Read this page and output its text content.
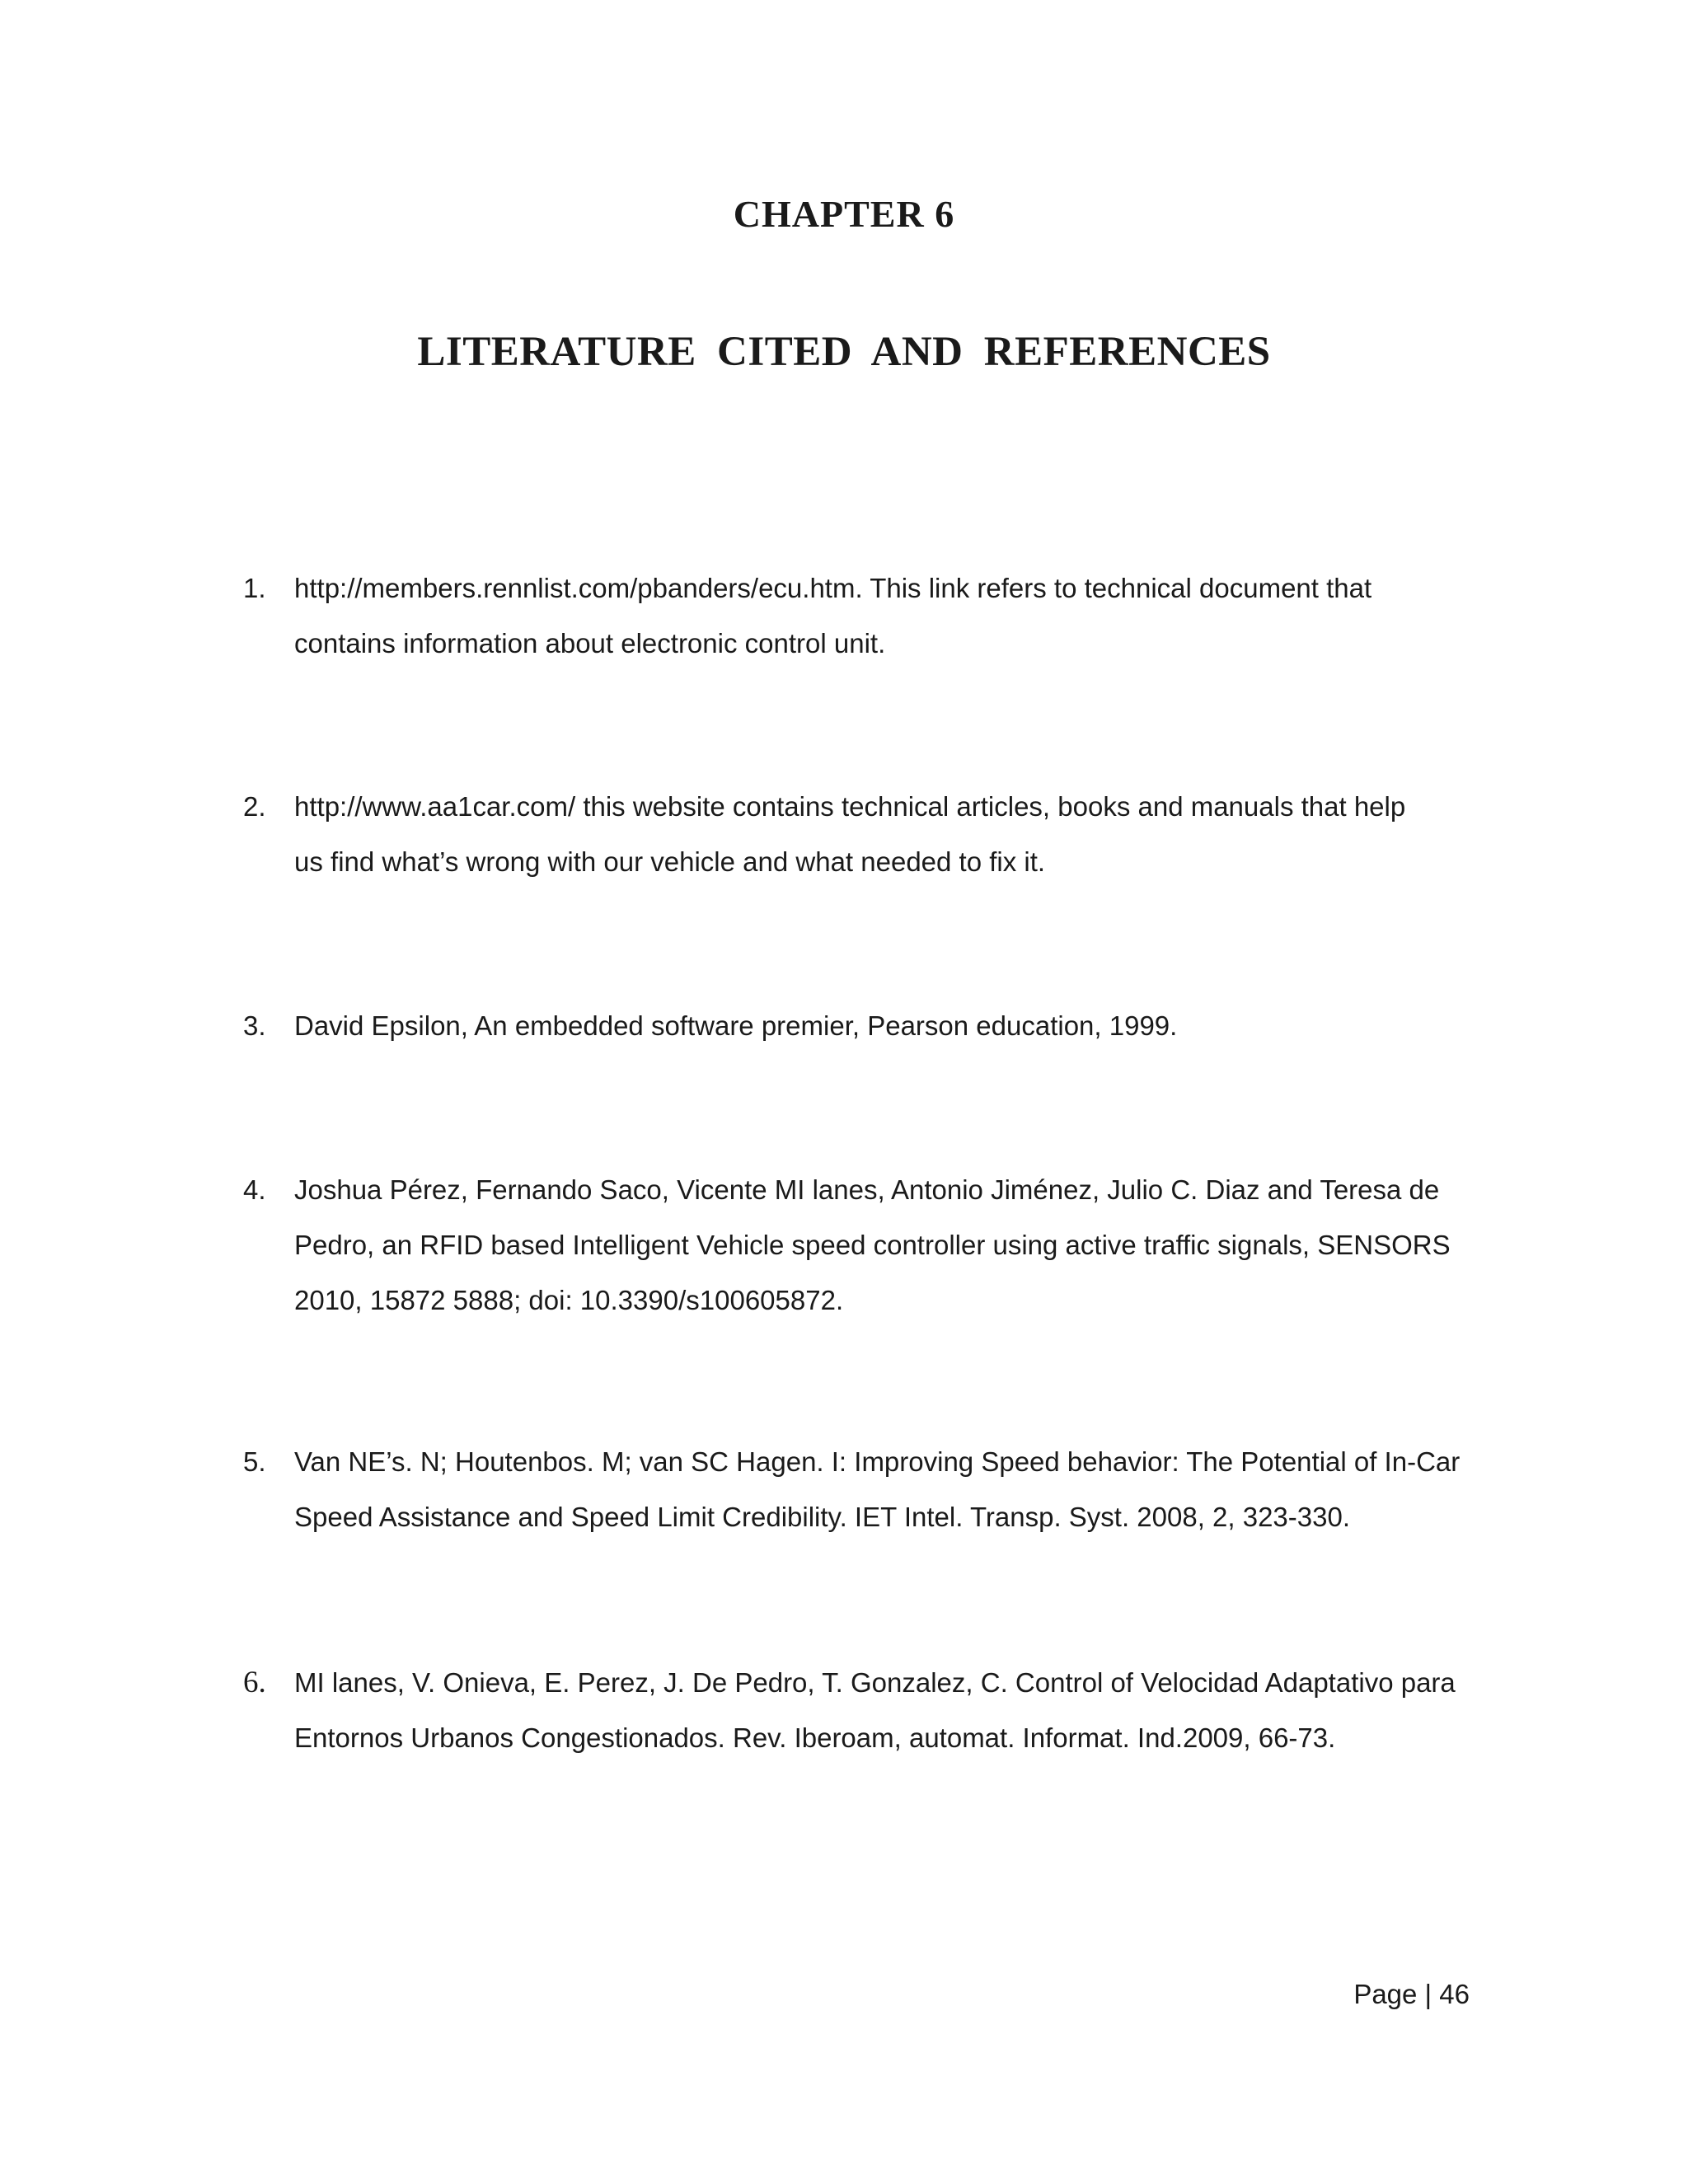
CHAPTER 6
LITERATURE CITED AND REFERENCES
1. http://members.rennlist.com/pbanders/ecu.htm. This link refers to technical document that
contains information about electronic control unit.
2. http://www.aa1car.com/ this website contains technical articles, books and manuals that help
us find what’s wrong with our vehicle and what needed to fix it.
3. David Epsilon, An embedded software premier, Pearson education, 1999.
4. Joshua Pérez, Fernando Saco, Vicente MI lanes, Antonio Jiménez, Julio C. Diaz and Teresa de
Pedro, an RFID based Intelligent Vehicle speed controller using active traffic signals, SENSORS
2010, 15872 5888; doi: 10.3390/s100605872.
5. Van NE’s. N; Houtenbos. M; van SC Hagen. I: Improving Speed behavior: The Potential of In-Car
Speed Assistance and Speed Limit Credibility. IET Intel. Transp. Syst. 2008, 2, 323-330.
6. MI lanes, V. Onieva, E. Perez, J. De Pedro, T. Gonzalez, C. Control of Velocidad Adaptativo para
Entornos Urbanos Congestionados. Rev. Iberoam, automat. Informat. Ind.2009, 66-73.
Page | 46
